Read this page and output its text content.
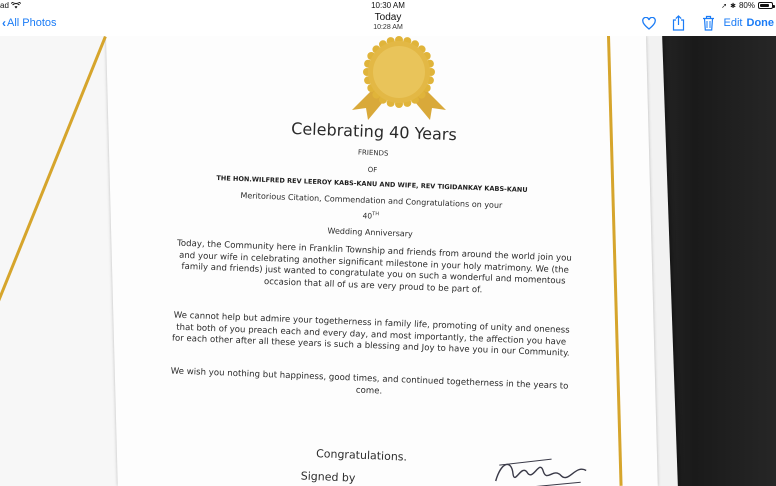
ad	10:30 AM	➚ ✱ 80%
‹ All Photos	Today
10:28 AM	Edit Done
Celebrating 40 Years
FRIENDS
OF
THE HON.WILFRED REV LEEROY KABS-KANU AND WIFE, REV TIGIDANKAY KABS-KANU
Meritorious Citation, Commendation and Congratulations on your
40TH
Wedding Anniversary
Today, the Community here in Franklin Township and friends from around the world join you and your wife in celebrating another significant milestone in your holy matrimony. We (the family and friends) just wanted to congratulate you on such a wonderful and momentous occasion that all of us are very proud to be part of.
We cannot help but admire your togetherness in family life, promoting of unity and oneness that both of you preach each and every day, and most importantly, the affection you have for each other after all these years is such a blessing and Joy to have you in our Community.
We wish you nothing but happiness, good times, and continued togetherness in the years to come.
Congratulations.
Signed by
